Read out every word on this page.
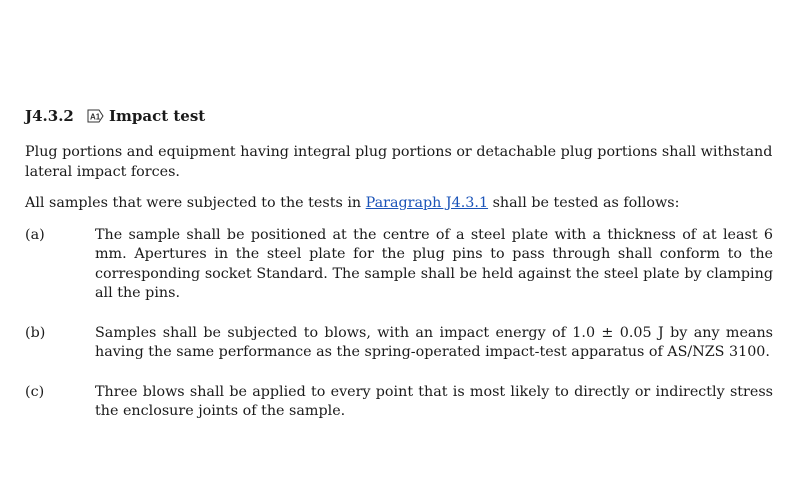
J4.3.2	A1 Impact test

Plug portions and equipment having integral plug portions or detachable plug portions shall withstand lateral impact forces.

All samples that were subjected to the tests in Paragraph J4.3.1 shall be tested as follows:

(a)	The sample shall be positioned at the centre of a steel plate with a thickness of at least 6 mm. Apertures in the steel plate for the plug pins to pass through shall conform to the corresponding socket Standard. The sample shall be held against the steel plate by clamping all the pins.
(b)	Samples shall be subjected to blows, with an impact energy of 1.0 ± 0.05 J by any means having the same performance as the spring-operated impact-test apparatus of AS/NZS 3100.
(c)	Three blows shall be applied to every point that is most likely to directly or indirectly stress the enclosure joints of the sample.
